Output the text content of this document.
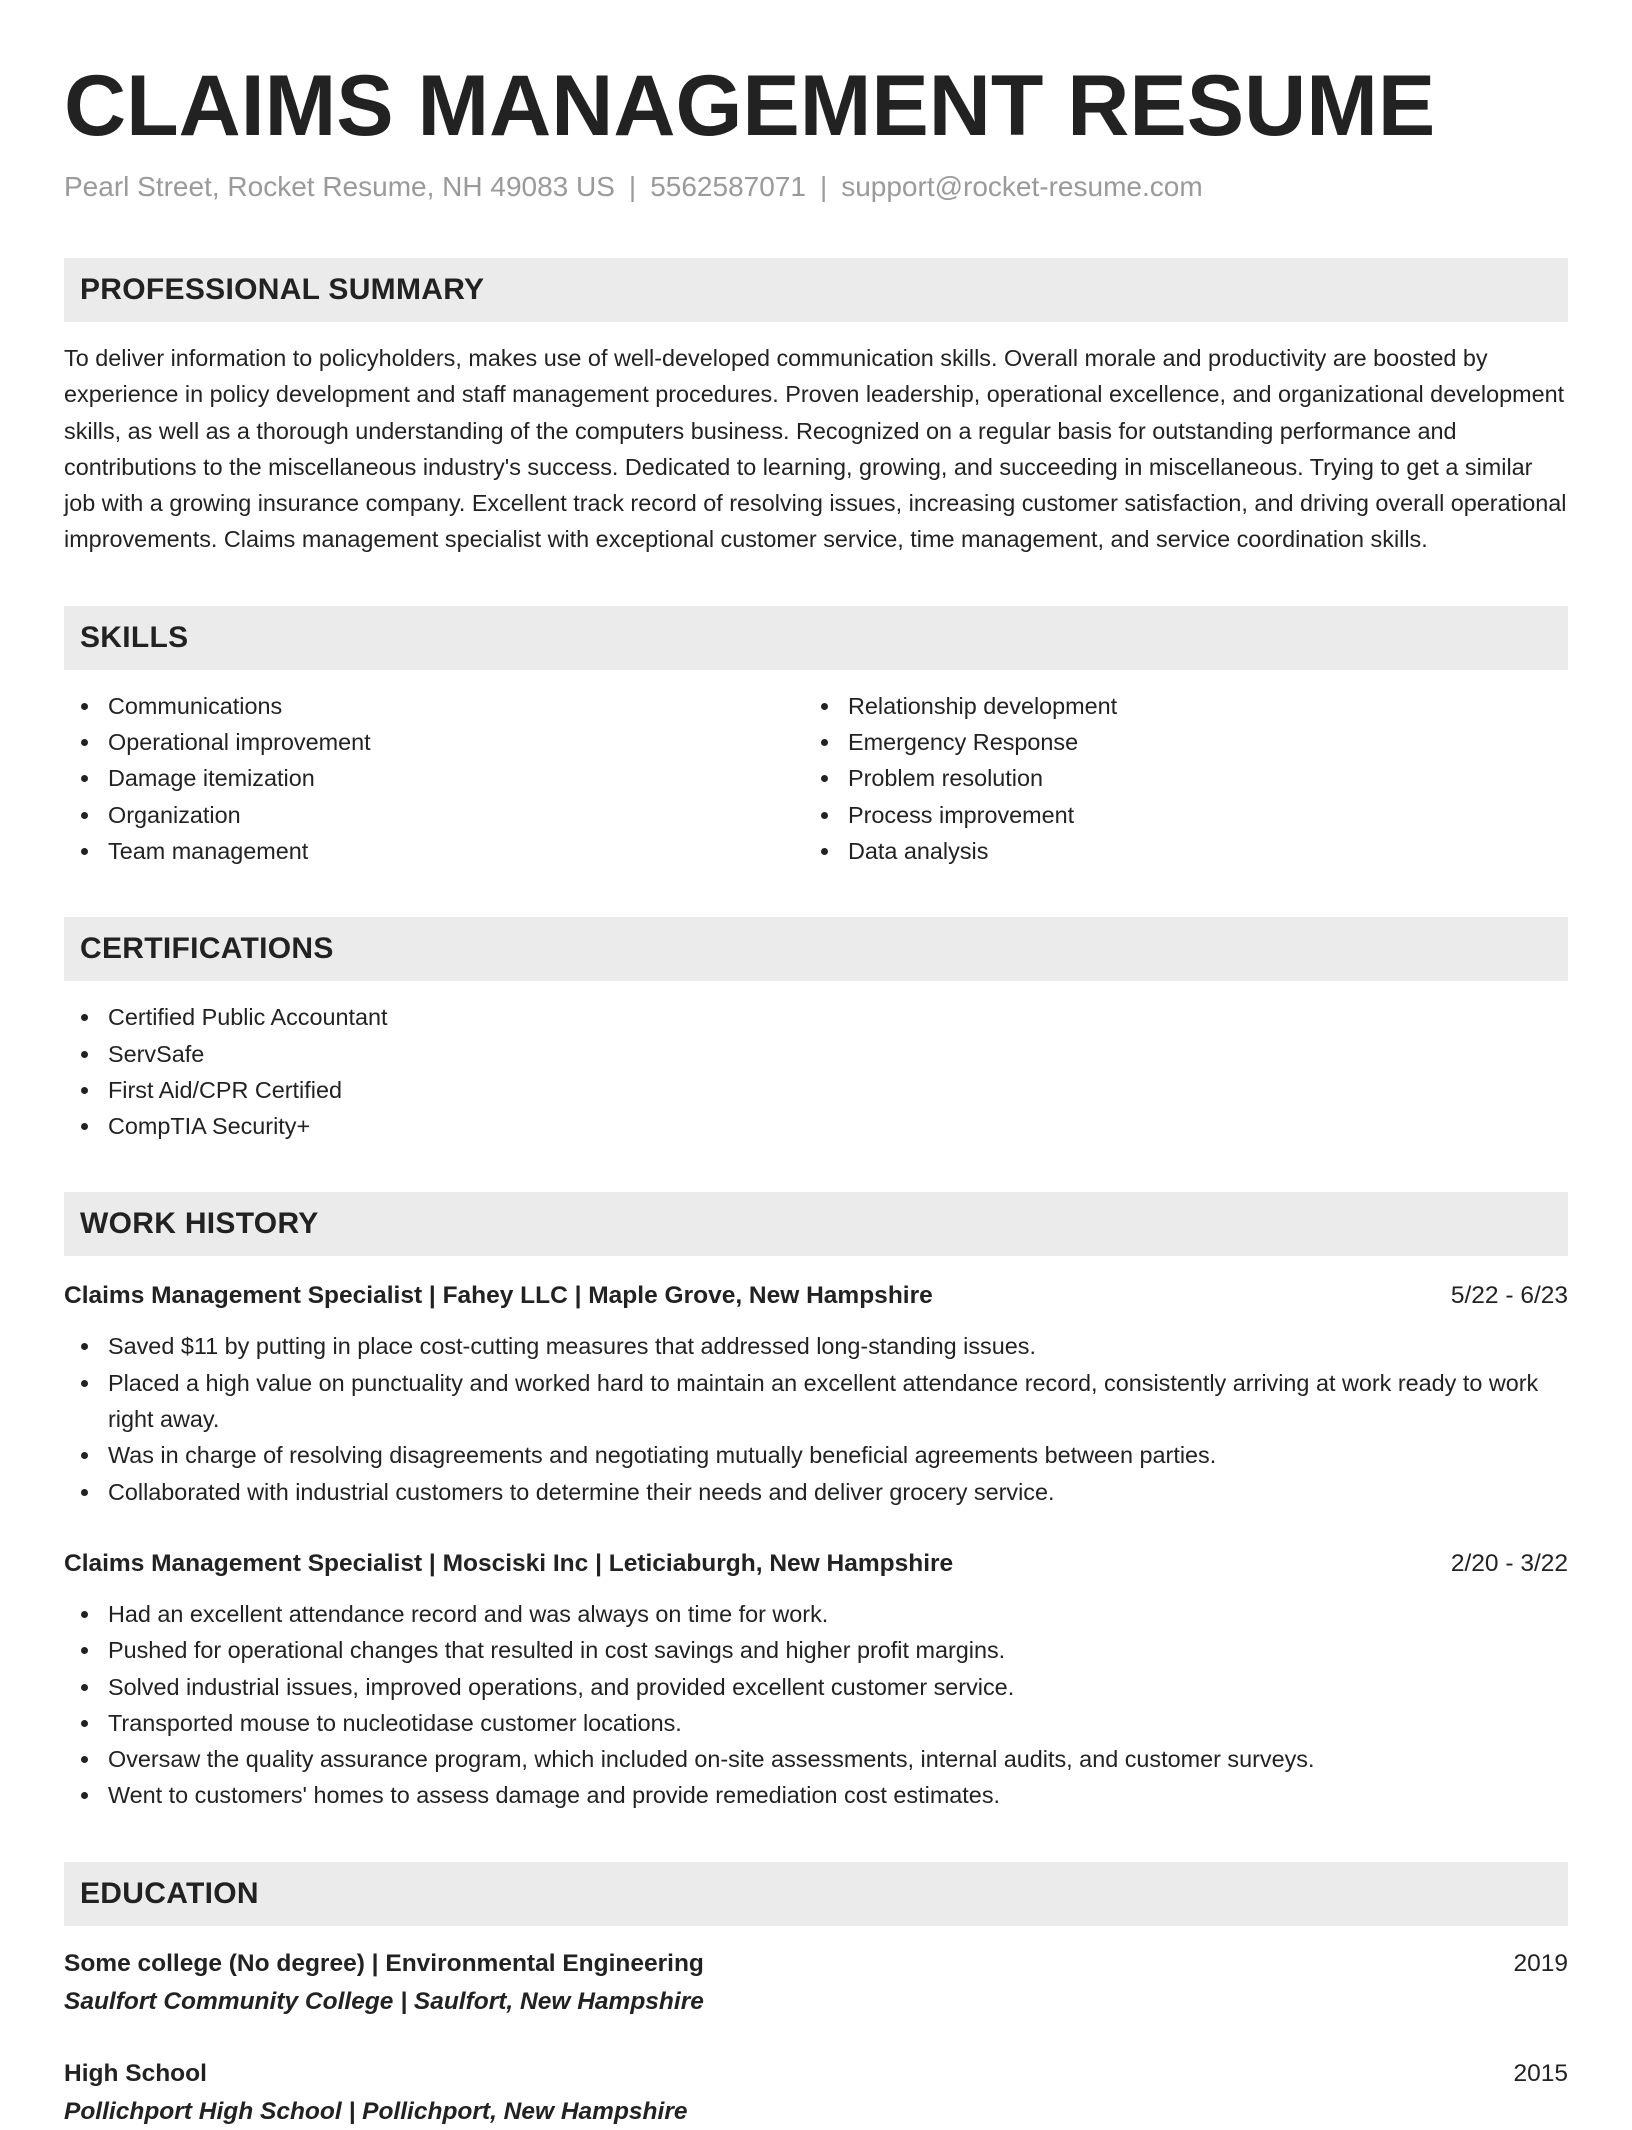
CLAIMS MANAGEMENT RESUME
Pearl Street, Rocket Resume, NH 49083 US | 5562587071 | support@rocket-resume.com
PROFESSIONAL SUMMARY

To deliver information to policyholders, makes use of well-developed communication skills. Overall morale and productivity are boosted by experience in policy development and staff management procedures. Proven leadership, operational excellence, and organizational development skills, as well as a thorough understanding of the computers business. Recognized on a regular basis for outstanding performance and contributions to the miscellaneous industry's success. Dedicated to learning, growing, and succeeding in miscellaneous. Trying to get a similar job with a growing insurance company. Excellent track record of resolving issues, increasing customer satisfaction, and driving overall operational improvements. Claims management specialist with exceptional customer service, time management, and service coordination skills.

SKILLS
Communications
Operational improvement
Damage itemization
Organization
Team management
Relationship development
Emergency Response
Problem resolution
Process improvement
Data analysis
CERTIFICATIONS
Certified Public Accountant
ServSafe
First Aid/CPR Certified
CompTIA Security+
WORK HISTORY
Claims Management Specialist | Fahey LLC | Maple Grove, New Hampshire	5/22 - 6/23
Saved $11 by putting in place cost-cutting measures that addressed long-standing issues.
Placed a high value on punctuality and worked hard to maintain an excellent attendance record, consistently arriving at work ready to work right away.
Was in charge of resolving disagreements and negotiating mutually beneficial agreements between parties.
Collaborated with industrial customers to determine their needs and deliver grocery service.
Claims Management Specialist | Mosciski Inc | Leticiaburgh, New Hampshire	2/20 - 3/22
Had an excellent attendance record and was always on time for work.
Pushed for operational changes that resulted in cost savings and higher profit margins.
Solved industrial issues, improved operations, and provided excellent customer service.
Transported mouse to nucleotidase customer locations.
Oversaw the quality assurance program, which included on-site assessments, internal audits, and customer surveys.
Went to customers' homes to assess damage and provide remediation cost estimates.
EDUCATION
Some college (No degree) | Environmental Engineering	2019
Saulfort Community College | Saulfort, New Hampshire
High School	2015
Pollichport High School | Pollichport, New Hampshire
